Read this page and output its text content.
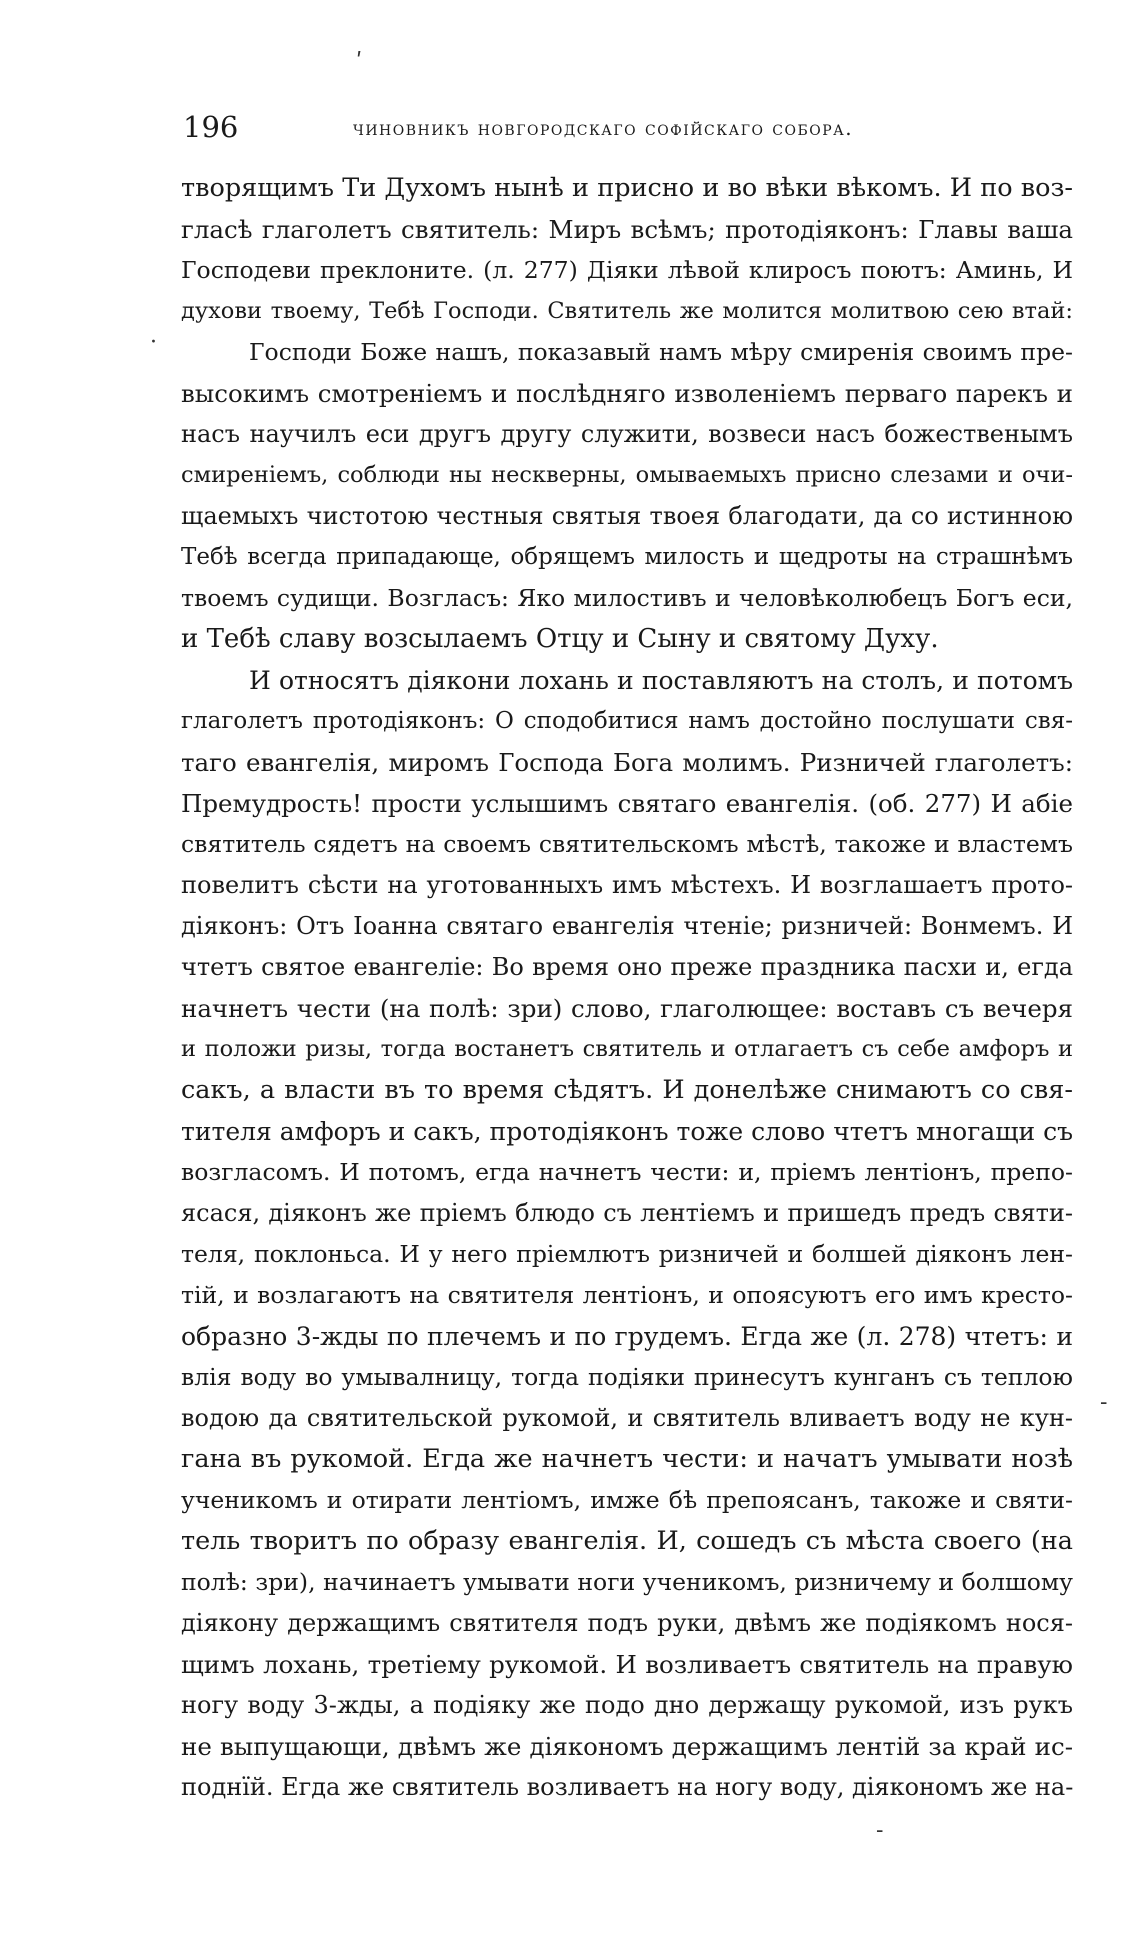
ʹ
·
-
-
196	чиновникъ новгородскаго софійскаго собора.
творящимъ Ти Духомъ нынѣ и присно и во вѣки вѣкомъ. И по воз-
гласѣ глаголетъ святитель: Миръ всѣмъ; протодіяконъ: Главы ваша
Господеви преклоните. (л. 277) Діяки лѣвой клиросъ поютъ: Аминь, И
духови твоему, Тебѣ Господи. Святитель же молится молитвою сею втай:
Господи Боже нашъ, показавый намъ мѣру смиренія своимъ пре-
высокимъ смотреніемъ и послѣдняго изволеніемъ перваго парекъ и
насъ научилъ еси другъ другу служити, возвеси насъ божественымъ
смиреніемъ, соблюди ны нескверны, омываемыхъ присно слезами и очи-
щаемыхъ чистотою честныя святыя твоея благодати, да со истинною
Тебѣ всегда припадающе, обрящемъ милость и щедроты на страшнѣмъ
твоемъ судищи. Возгласъ: Яко милостивъ и человѣколюбецъ Богъ еси,
и Тебѣ славу возсылаемъ Отцу и Сыну и святому Духу.
И относятъ діякони лохань и поставляютъ на столъ, и потомъ
глаголетъ протодіяконъ: О сподобитися намъ достойно послушати свя-
таго евангелія, миромъ Господа Бога молимъ. Ризничей глаголетъ:
Премудрость! прости услышимъ святаго евангелія. (об. 277) И абіе
святитель сядетъ на своемъ святительскомъ мѣстѣ, такожe и властемъ
повелитъ сѣсти на уготованныхъ имъ мѣстехъ. И возглашаетъ прото-
діяконъ: Отъ Іоанна святаго евангелія чтеніе; ризничей: Вонмемъ. И
чтетъ святое евангеліе: Во время оно преже праздника пасхи и, егда
начнетъ чести (на полѣ: зри) слово, глаголющее: воставъ съ вечеря
и положи ризы, тогда востанетъ святитель и отлагаетъ съ себе амфоръ и
сакъ, а власти въ то время сѣдятъ. И донелѣже снимаютъ со свя-
тителя амфоръ и сакъ, протодіяконъ тоже слово чтетъ многащи съ
возгласомъ. И потомъ, егда начнетъ чести: и, пріемъ лентіонъ, препо-
ясася, діяконъ же пріемъ блюдо съ лентіемъ и пришедъ предъ святи-
теля, поклоньса. И у него пріемлютъ ризничей и болшей діяконъ лен-
тій, и возлагаютъ на святителя лентіонъ, и опоясуютъ его имъ кресто-
образно 3-жды по плечемъ и по грудемъ. Егда же (л. 278) чтетъ: и
влія воду во умывалницу, тогда подіяки принесутъ кунганъ съ теплою
водою да святительской рукомой, и святитель вливаетъ воду не кун-
гана въ рукомой. Егда же начнетъ чести: и начатъ умывати нозѣ
ученикомъ и отирати лентіомъ, имже бѣ препоясанъ, такоже и святи-
тель творитъ по образу евангелія. И, сошедъ съ мѣста своего (на
полѣ: зри), начинаетъ умывати ноги ученикомъ, ризничему и болшому
діякону держащимъ святителя подъ руки, двѣмъ же подіякомъ нося-
щимъ лохань, третіему рукомой. И возливаетъ святитель на правую
ногу воду 3-жды, а подіяку же подо дно держащу рукомой, изъ рукъ
не выпущающи, двѣмъ же діякономъ держащимъ лентій за край ис-
поднїй. Егда же святитель возливаетъ на ногу воду, діякономъ же на-
